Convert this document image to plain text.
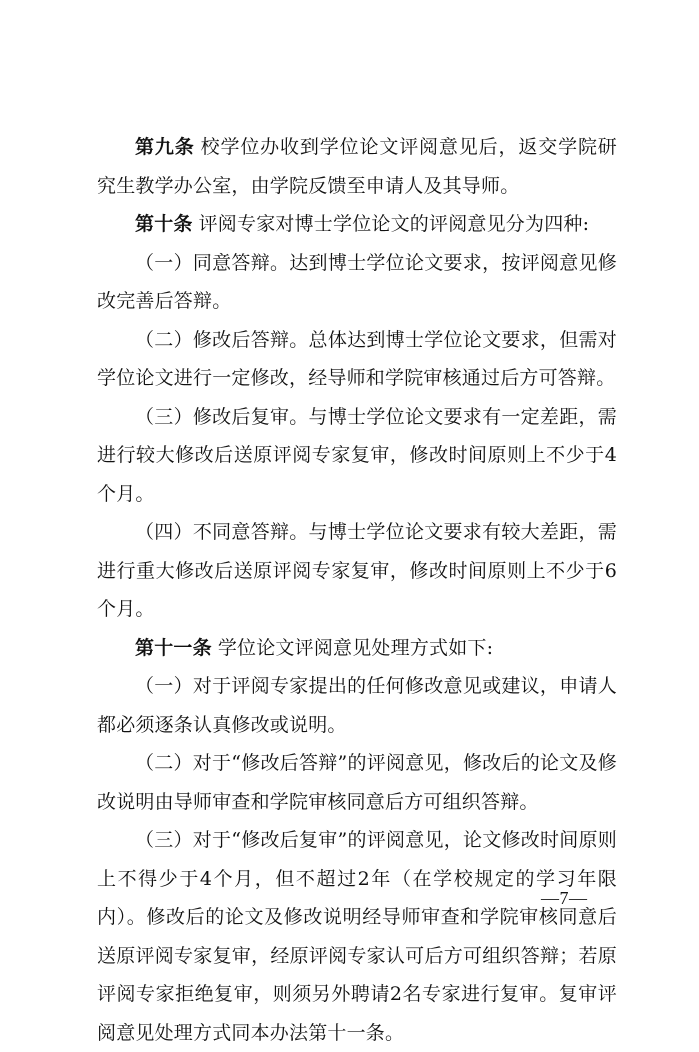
第九条 校学位办收到学位论文评阅意见后，返交学院研究生教学办公室，由学院反馈至申请人及其导师。

第十条 评阅专家对博士学位论文的评阅意见分为四种:

（一）同意答辩。达到博士学位论文要求，按评阅意见修改完善后答辩。

（二）修改后答辩。总体达到博士学位论文要求，但需对学位论文进行一定修改，经导师和学院审核通过后方可答辩。

（三）修改后复审。与博士学位论文要求有一定差距，需进行较大修改后送原评阅专家复审，修改时间原则上不少于4个月。

（四）不同意答辩。与博士学位论文要求有较大差距，需进行重大修改后送原评阅专家复审，修改时间原则上不少于6个月。

第十一条 学位论文评阅意见处理方式如下:

（一）对于评阅专家提出的任何修改意见或建议，申请人都必须逐条认真修改或说明。

（二）对于“修改后答辩”的评阅意见，修改后的论文及修改说明由导师审查和学院审核同意后方可组织答辩。

（三）对于“修改后复审”的评阅意见，论文修改时间原则上不得少于4个月，但不超过2年（在学校规定的学习年限内）。修改后的论文及修改说明经导师审查和学院审核同意后送原评阅专家复审，经原评阅专家认可后方可组织答辩；若原评阅专家拒绝复审，则须另外聘请2名专家进行复审。复审评阅意见处理方式同本办法第十一条。

—7—
